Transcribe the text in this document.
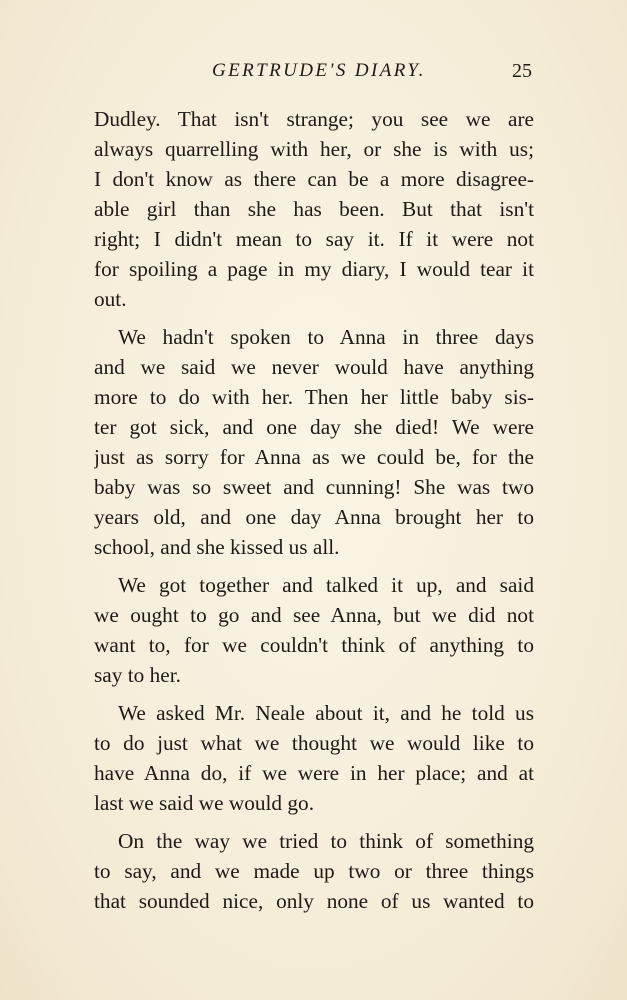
GERTRUDE'S DIARY.	25
Dudley. That isn't strange; you see we are
always quarrelling with her, or she is with us;
I don't know as there can be a more disagree-
able girl than she has been. But that isn't
right; I didn't mean to say it. If it were not
for spoiling a page in my diary, I would tear it
out.
We hadn't spoken to Anna in three days
and we said we never would have anything
more to do with her. Then her little baby sis-
ter got sick, and one day she died! We were
just as sorry for Anna as we could be, for the
baby was so sweet and cunning! She was two
years old, and one day Anna brought her to
school, and she kissed us all.
We got together and talked it up, and said
we ought to go and see Anna, but we did not
want to, for we couldn't think of anything to
say to her.
We asked Mr. Neale about it, and he told us
to do just what we thought we would like to
have Anna do, if we were in her place; and at
last we said we would go.
On the way we tried to think of something
to say, and we made up two or three things
that sounded nice, only none of us wanted to
